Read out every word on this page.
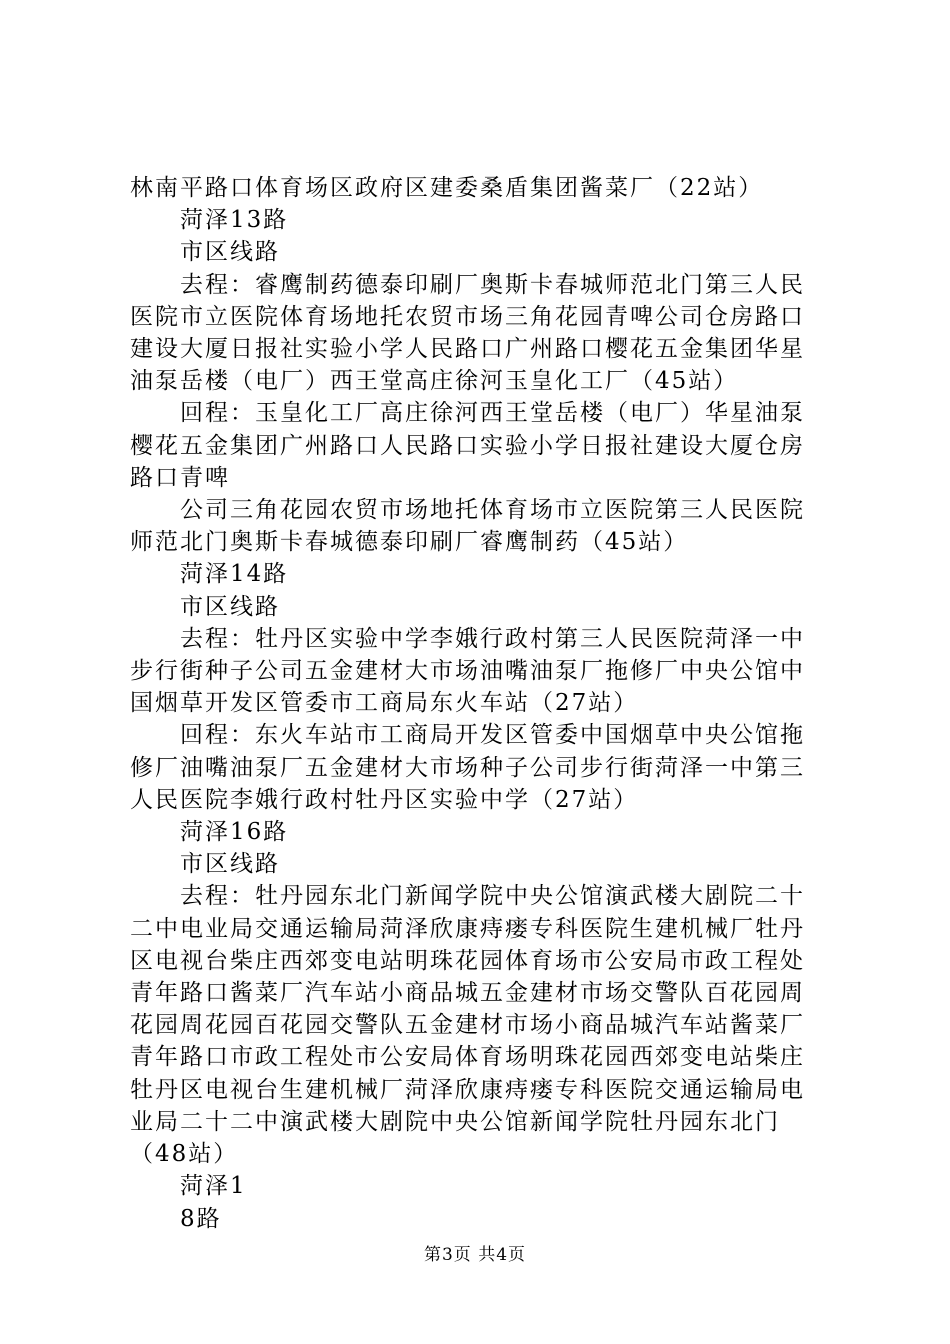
林南平路口体育场区政府区建委桑盾集团酱菜厂（22站）

菏泽13路

市区线路

去程：睿鹰制药德泰印刷厂奥斯卡春城师范北门第三人民

医院市立医院体育场地托农贸市场三角花园青啤公司仓房路口

建设大厦日报社实验小学人民路口广州路口樱花五金集团华星

油泵岳楼（电厂）西王堂高庄徐河玉皇化工厂（45站）

回程：玉皇化工厂高庄徐河西王堂岳楼（电厂）华星油泵

樱花五金集团广州路口人民路口实验小学日报社建设大厦仓房

路口青啤

公司三角花园农贸市场地托体育场市立医院第三人民医院

师范北门奥斯卡春城德泰印刷厂睿鹰制药（45站）

菏泽14路

市区线路

去程：牡丹区实验中学李娥行政村第三人民医院菏泽一中

步行街种子公司五金建材大市场油嘴油泵厂拖修厂中央公馆中

国烟草开发区管委市工商局东火车站（27站）

回程：东火车站市工商局开发区管委中国烟草中央公馆拖

修厂油嘴油泵厂五金建材大市场种子公司步行街菏泽一中第三

人民医院李娥行政村牡丹区实验中学（27站）

菏泽16路

市区线路

去程：牡丹园东北门新闻学院中央公馆演武楼大剧院二十

二中电业局交通运输局菏泽欣康痔瘘专科医院生建机械厂牡丹

区电视台柴庄西郊变电站明珠花园体育场市公安局市政工程处

青年路口酱菜厂汽车站小商品城五金建材市场交警队百花园周

花园周花园百花园交警队五金建材市场小商品城汽车站酱菜厂

青年路口市政工程处市公安局体育场明珠花园西郊变电站柴庄

牡丹区电视台生建机械厂菏泽欣康痔瘘专科医院交通运输局电

业局二十二中演武楼大剧院中央公馆新闻学院牡丹园东北门

（48站）

菏泽1

8路

第3页 共4页
